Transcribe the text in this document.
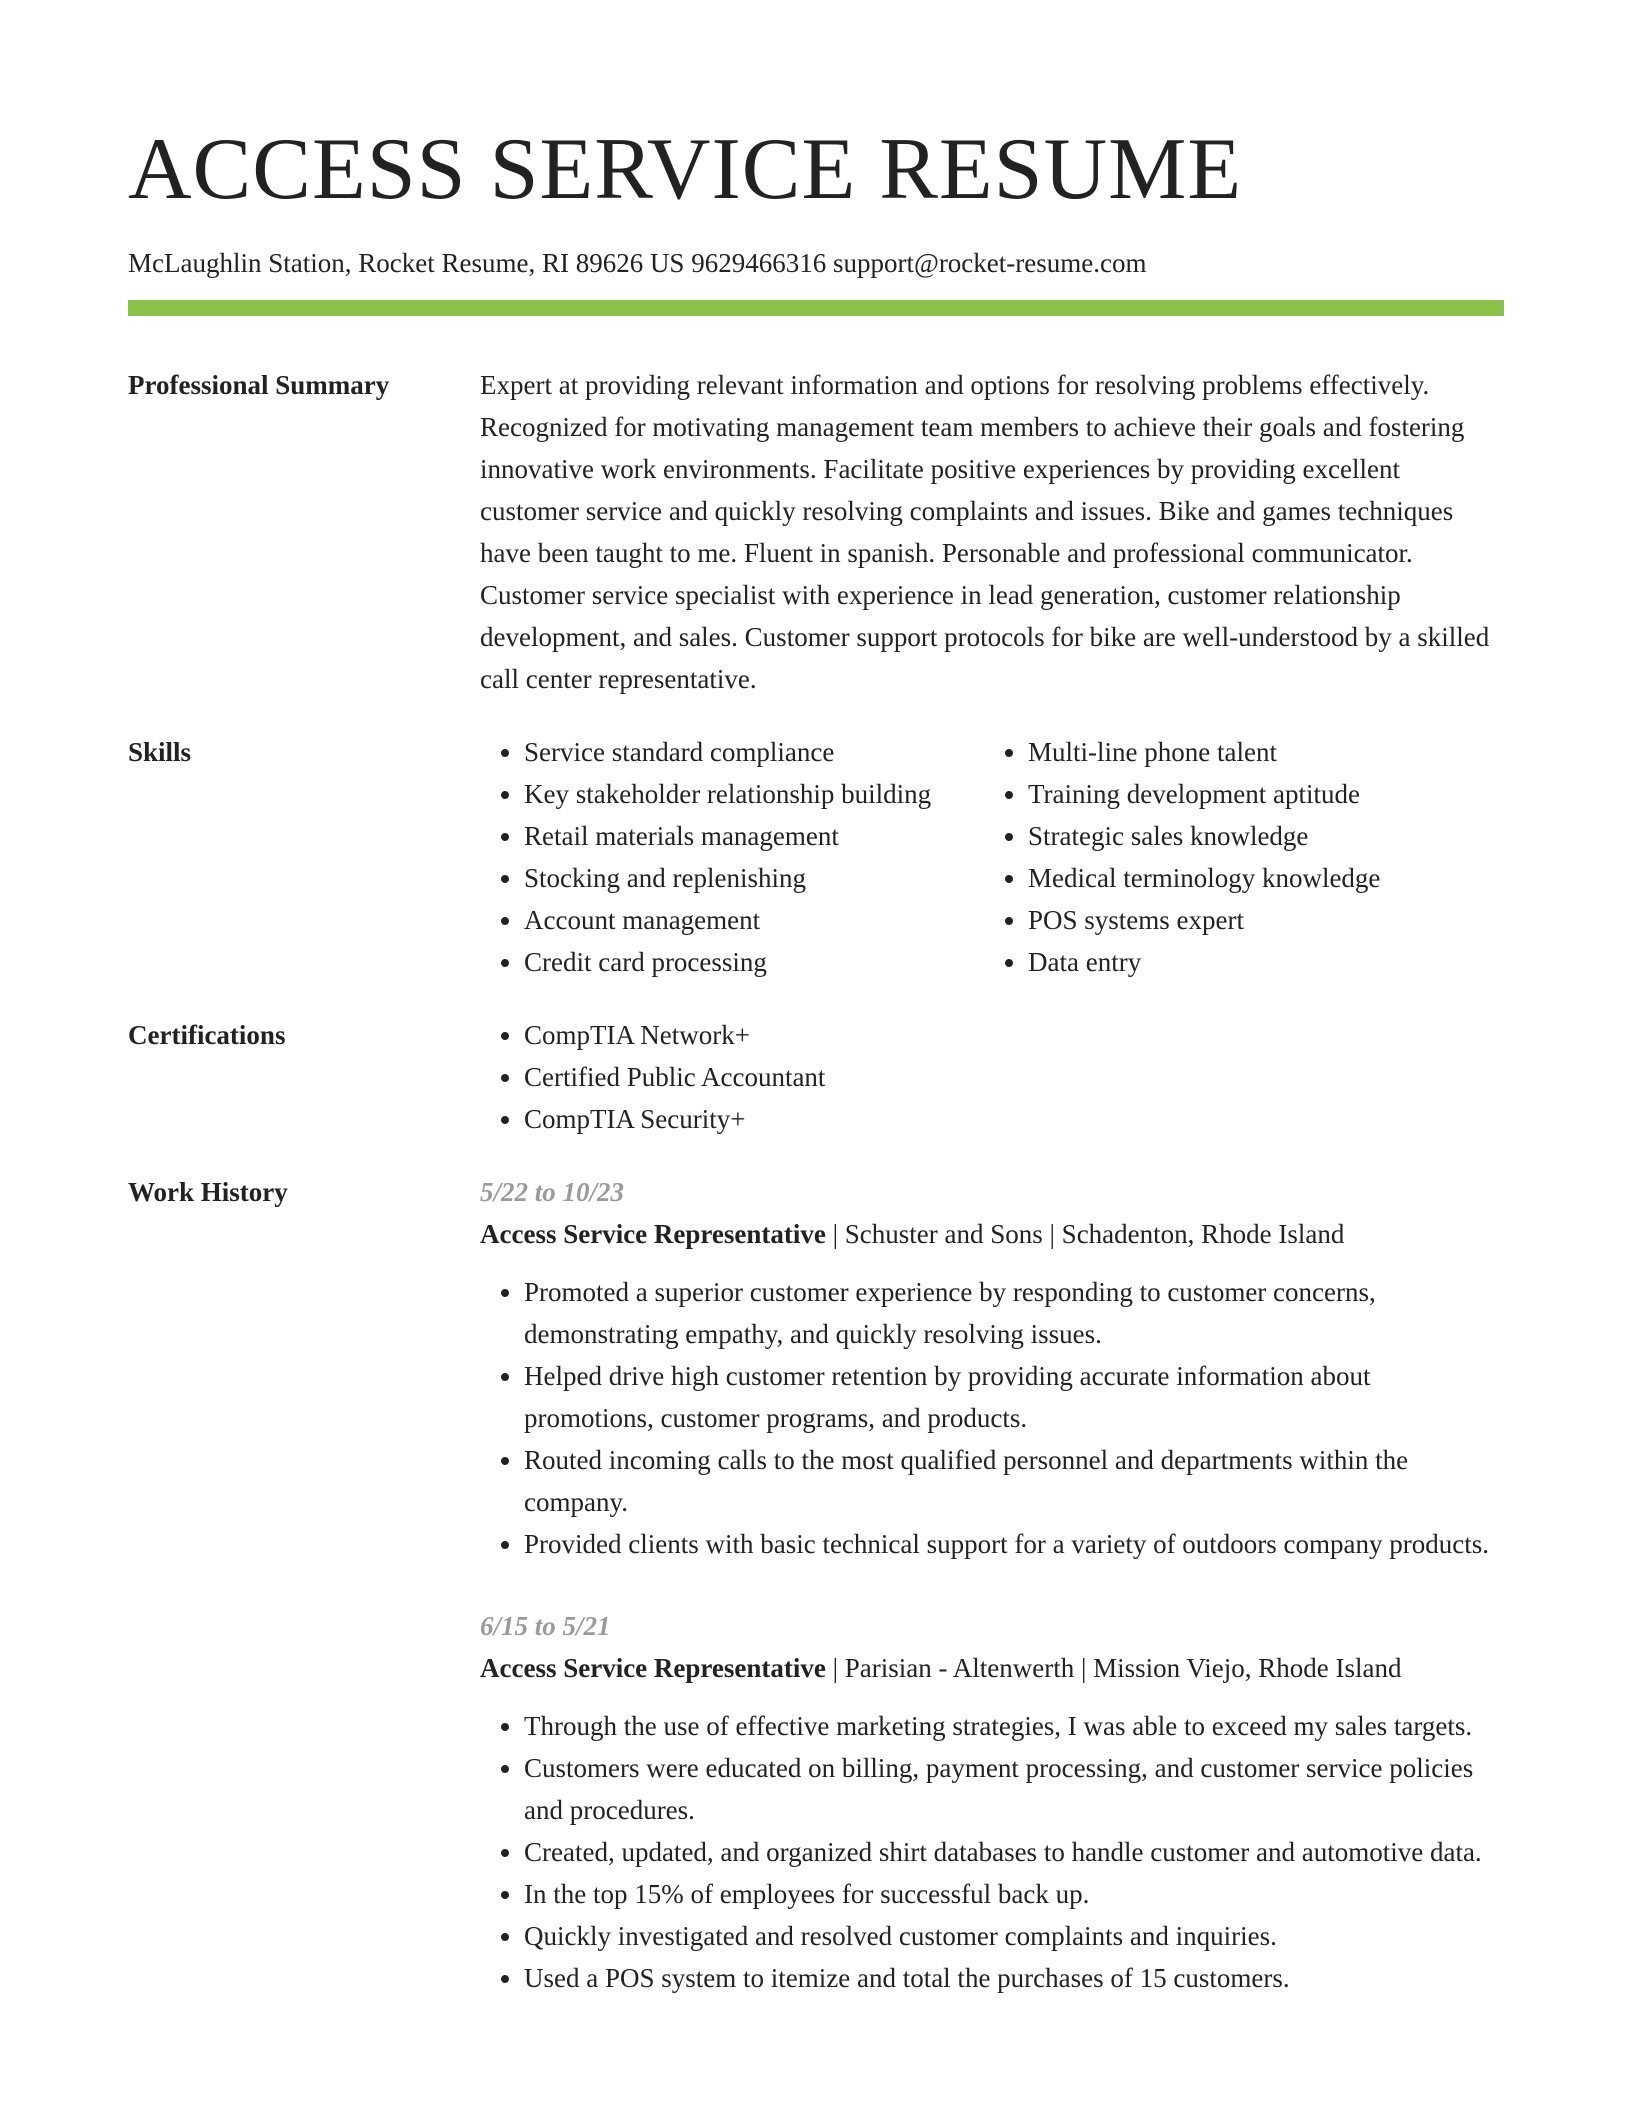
ACCESS SERVICE RESUME
McLaughlin Station, Rocket Resume, RI 89626 US 9629466316 support@rocket-resume.com
Professional Summary	Expert at providing relevant information and options for resolving problems effectively. Recognized for motivating management team members to achieve their goals and fostering innovative work environments. Facilitate positive experiences by providing excellent customer service and quickly resolving complaints and issues. Bike and games techniques have been taught to me. Fluent in spanish. Personable and professional communicator. Customer service specialist with experience in lead generation, customer relationship development, and sales. Customer support protocols for bike are well-understood by a skilled call center representative.

Skills	• Service standard compliance
• Key stakeholder relationship building
• Retail materials management
• Stocking and replenishing
• Account management
• Credit card processing
• Multi-line phone talent
• Training development aptitude
• Strategic sales knowledge
• Medical terminology knowledge
• POS systems expert
• Data entry
Certifications	• CompTIA Network+
• Certified Public Accountant
• CompTIA Security+
Work History	5/22 to 10/23
Access Service Representative | Schuster and Sons | Schadenton, Rhode Island
• Promoted a superior customer experience by responding to customer concerns, demonstrating empathy, and quickly resolving issues.
• Helped drive high customer retention by providing accurate information about promotions, customer programs, and products.
• Routed incoming calls to the most qualified personnel and departments within the company.
• Provided clients with basic technical support for a variety of outdoors company products.
6/15 to 5/21
Access Service Representative | Parisian - Altenwerth | Mission Viejo, Rhode Island
• Through the use of effective marketing strategies, I was able to exceed my sales targets.
• Customers were educated on billing, payment processing, and customer service policies and procedures.
• Created, updated, and organized shirt databases to handle customer and automotive data.
• In the top 15% of employees for successful back up.
• Quickly investigated and resolved customer complaints and inquiries.
• Used a POS system to itemize and total the purchases of 15 customers.
